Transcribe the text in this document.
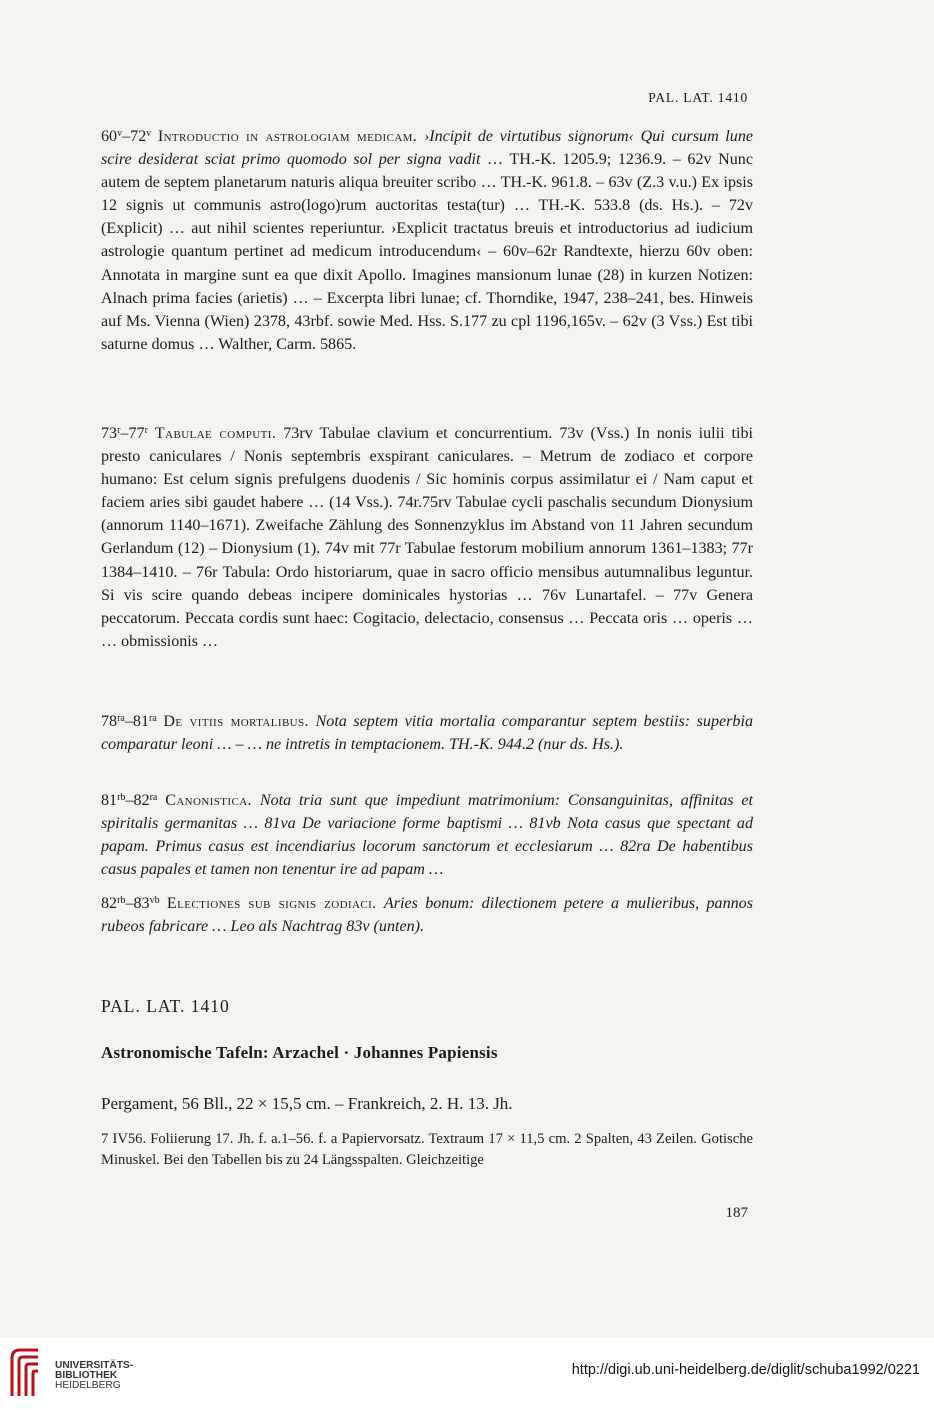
PAL. LAT. 1410
60$^v$–72$^v$ Introductio in astrologiam medicam. ›Incipit de virtutibus signorum‹ Qui cursum lune scire desiderat sciat primo quomodo sol per signa vadit … TH.-K. 1205.9; 1236.9. – 62v Nunc autem de septem planetarum naturis aliqua breuiter scribo … TH.-K. 961.8. – 63v (Z.3 v.u.) Ex ipsis 12 signis ut communis astro(logo)rum auctoritas testa(tur) … TH.-K. 533.8 (ds. Hs.). – 72v (Explicit) … aut nihil scientes reperiuntur. ›Explicit tractatus breuis et introductorius ad iudicium astrologie quantum pertinet ad medicum introducendum‹ – 60v–62r Randtexte, hierzu 60v oben: Annotata in margine sunt ea que dixit Apollo. Imagines mansionum lunae (28) in kurzen Notizen: Alnach prima facies (arietis) … – Excerpta libri lunae; cf. Thorndike, 1947, 238–241, bes. Hinweis auf Ms. Vienna (Wien) 2378, 43rbf. sowie Med. Hss. S.177 zu cpl 1196,165v. – 62v (3 Vss.) Est tibi saturne domus … Walther, Carm. 5865.
73$^r$–77$^r$ Tabulae computi. 73rv Tabulae clavium et concurrentium. 73v (Vss.) In nonis iulii tibi presto caniculares / Nonis septembris exspirant caniculares. – Metrum de zodiaco et corpore humano: Est celum signis prefulgens duodenis / Sic hominis corpus assimilatur ei / Nam caput et faciem aries sibi gaudet habere … (14 Vss.). 74r.75rv Tabulae cycli paschalis secundum Dionysium (annorum 1140–1671). Zweifache Zählung des Sonnenzyklus im Abstand von 11 Jahren secundum Gerlandum (12) – Dionysium (1). 74v mit 77r Tabulae festorum mobilium annorum 1361–1383; 77r 1384–1410. – 76r Tabula: Ordo historiarum, quae in sacro officio mensibus autumnalibus leguntur. Si vis scire quando debeas incipere dominicales hystorias … 76v Lunartafel. – 77v Genera peccatorum. Peccata cordis sunt haec: Cogitacio, delectacio, consensus … Peccata oris … operis … … obmissionis …
$78^{ra}-81^{ra}$ De vitiis mortalibus. Nota septem vitia mortalia comparantur septem bestiis: superbia comparatur leoni … – … ne intretis in temptacionem. TH.-K. 944.2 (nur ds. Hs.).
$81^{rb}-82^{ra}$ Canonistica. Nota tria sunt que impediunt matrimonium: Consanguinitas, affinitas et spiritalis germanitas … 81va De variacione forme baptismi … 81vb Nota casus que spectant ad papam. Primus casus est incendiarius locorum sanctorum et ecclesiarum … 82ra De habentibus casus papales et tamen non tenentur ire ad papam …
$82^{rb}-83^{vb}$ Electiones sub signis zodiaci. Aries bonum: dilectionem petere a mulieribus, pannos rubeos fabricare … Leo als Nachtrag 83v (unten).
PAL. LAT. 1410
Astronomische Tafeln: Arzachel · Johannes Papiensis
Pergament, 56 Bll., 22 × 15,5 cm. – Frankreich, 2. H. 13. Jh.
7 IV56. Foliierung 17. Jh. f. a.1–56. f. a Papiervorsatz. Textraum 17 × 11,5 cm. 2 Spalten, 43 Zeilen. Gotische Minuskel. Bei den Tabellen bis zu 24 Längsspalten. Gleichzeitige
187
UNIVERSITÄTS-
BIBLIOTHEK
HEIDELBERG
http://digi.ub.uni-heidelberg.de/diglit/schuba1992/0221
